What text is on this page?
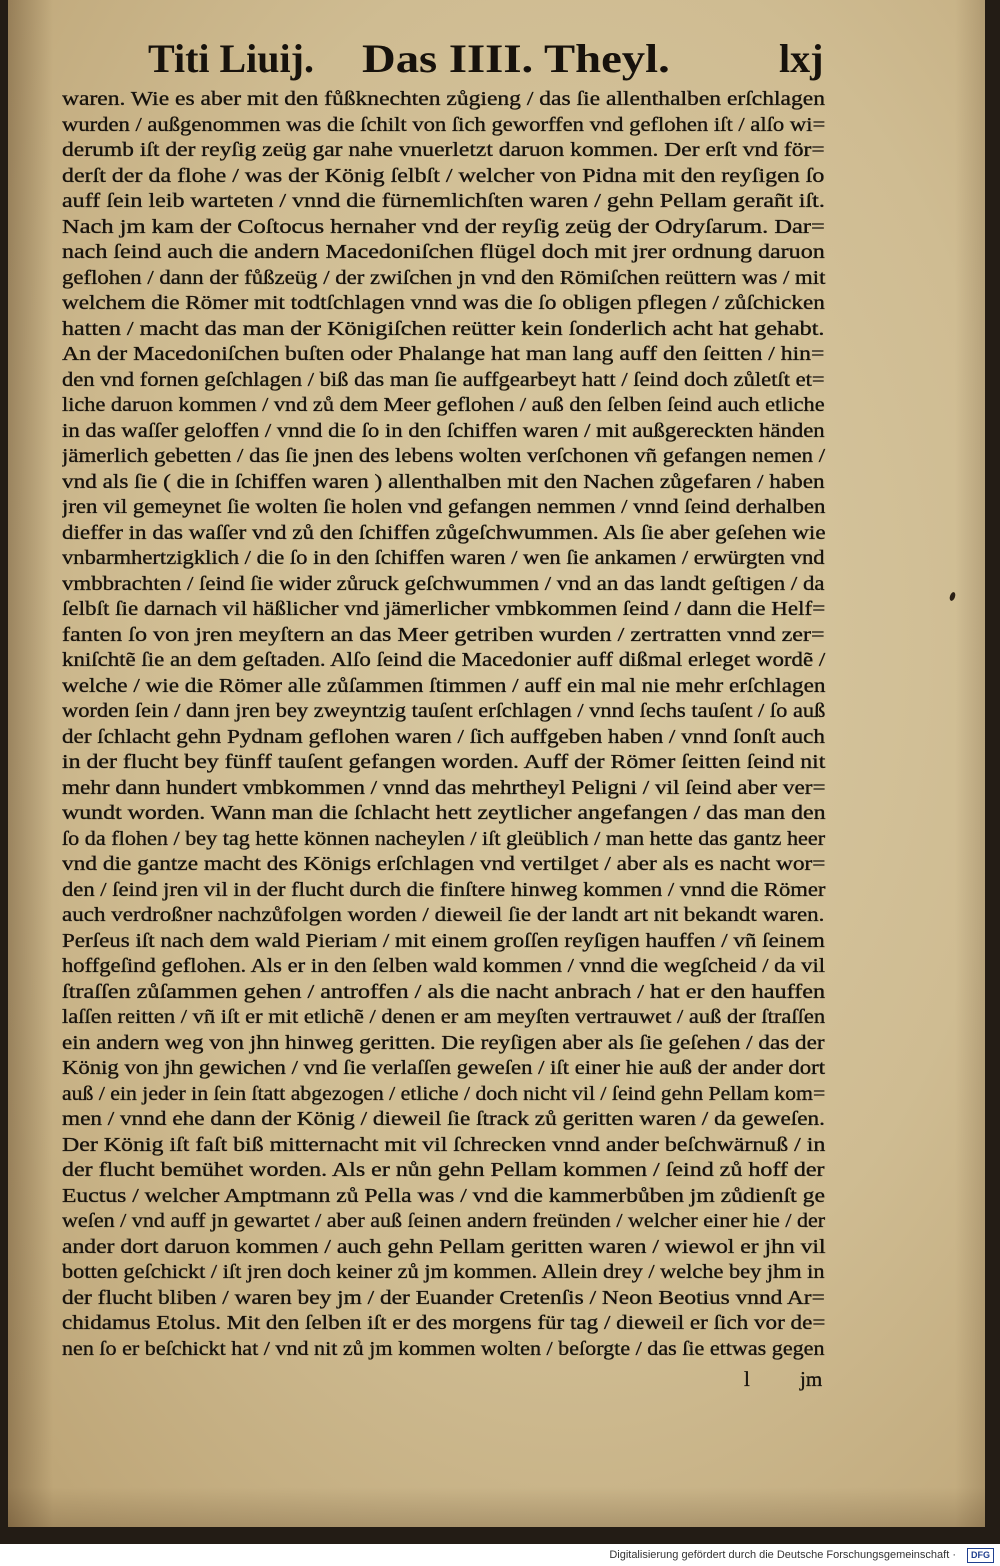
Titi Liuij. Das IIII. Theyl.	lxj
waren. Wie es aber mit den fůßknechten zůgieng / das ſie allenthalben erſchlagen
wurden / außgenommen was die ſchilt von ſich geworffen vnd geflohen iſt / alſo wi=
derumb iſt der reyſig zeüg gar nahe vnuerletzt daruon kommen. Der erſt vnd för=
derſt der da flohe / was der König ſelbſt / welcher von Pidna mit den reyſigen ſo
auff ſein leib warteten / vnnd die fürnemlichſten waren / gehn Pellam gerañt iſt.
Nach jm kam der Coſtocus hernaher vnd der reyſig zeüg der Odryſarum. Dar=
nach ſeind auch die andern Macedoniſchen flügel doch mit jrer ordnung daruon
geflohen / dann der fůßzeüg / der zwiſchen jn vnd den Römiſchen reüttern was / mit
welchem die Römer mit todtſchlagen vnnd was die ſo obligen pflegen / zůſchicken
hatten / macht das man der Königiſchen reütter kein ſonderlich acht hat gehabt.
An der Macedoniſchen buſten oder Phalange hat man lang auff den ſeitten / hin=
den vnd fornen geſchlagen / biß das man ſie auffgearbeyt hatt / ſeind doch zůletſt et=
liche daruon kommen / vnd zů dem Meer geflohen / auß den ſelben ſeind auch etliche
in das waſſer geloffen / vnnd die ſo in den ſchiffen waren / mit außgereckten händen
jämerlich gebetten / das ſie jnen des lebens wolten verſchonen vñ gefangen nemen /
vnd als ſie ( die in ſchiffen waren ) allenthalben mit den Nachen zůgefaren / haben
jren vil gemeynet ſie wolten ſie holen vnd gefangen nemmen / vnnd ſeind derhalben
dieffer in das waſſer vnd zů den ſchiffen zůgeſchwummen. Als ſie aber geſehen wie
vnbarmhertzigklich / die ſo in den ſchiffen waren / wen ſie ankamen / erwürgten vnd
vmbbrachten / ſeind ſie wider zůruck geſchwummen / vnd an das landt geſtigen / da
ſelbſt ſie darnach vil häßlicher vnd jämerlicher vmbkommen ſeind / dann die Helf=
fanten ſo von jren meyſtern an das Meer getriben wurden / zertratten vnnd zer=
kniſchtẽ ſie an dem geſtaden. Alſo ſeind die Macedonier auff dißmal erleget wordẽ /
welche / wie die Römer alle zůſammen ſtimmen / auff ein mal nie mehr erſchlagen
worden ſein / dann jren bey zweyntzig tauſent erſchlagen / vnnd ſechs tauſent / ſo auß
der ſchlacht gehn Pydnam geflohen waren / ſich auffgeben haben / vnnd ſonſt auch
in der flucht bey fünff tauſent gefangen worden. Auff der Römer ſeitten ſeind nit
mehr dann hundert vmbkommen / vnnd das mehrtheyl Peligni / vil ſeind aber ver=
wundt worden. Wann man die ſchlacht hett zeytlicher angefangen / das man den
ſo da flohen / bey tag hette können nacheylen / iſt gleüblich / man hette das gantz heer
vnd die gantze macht des Königs erſchlagen vnd vertilget / aber als es nacht wor=
den / ſeind jren vil in der flucht durch die finſtere hinweg kommen / vnnd die Römer
auch verdroßner nachzůfolgen worden / dieweil ſie der landt art nit bekandt waren.
Perſeus iſt nach dem wald Pieriam / mit einem groſſen reyſigen hauffen / vñ ſeinem
hoffgeſind geflohen. Als er in den ſelben wald kommen / vnnd die wegſcheid / da vil
ſtraſſen zůſammen gehen / antroffen / als die nacht anbrach / hat er den hauffen
laſſen reitten / vñ iſt er mit etlichẽ / denen er am meyſten vertrauwet / auß der ſtraſſen
ein andern weg von jhn hinweg geritten. Die reyſigen aber als ſie geſehen / das der
König von jhn gewichen / vnd ſie verlaſſen geweſen / iſt einer hie auß der ander dort
auß / ein jeder in ſein ſtatt abgezogen / etliche / doch nicht vil / ſeind gehn Pellam kom=
men / vnnd ehe dann der König / dieweil ſie ſtrack zů geritten waren / da geweſen.
Der König iſt faſt biß mitternacht mit vil ſchrecken vnnd ander beſchwärnuß / in
der flucht bemühet worden. Als er nůn gehn Pellam kommen / ſeind zů hoff der
Euctus / welcher Amptmann zů Pella was / vnd die kammerbůben jm zůdienſt ge
weſen / vnd auff jn gewartet / aber auß ſeinen andern freünden / welcher einer hie / der
ander dort daruon kommen / auch gehn Pellam geritten waren / wiewol er jhn vil
botten geſchickt / iſt jren doch keiner zů jm kommen. Allein drey / welche bey jhm in
der flucht bliben / waren bey jm / der Euander Cretenſis / Neon Beotius vnnd Ar=
chidamus Etolus. Mit den ſelben iſt er des morgens für tag / dieweil er ſich vor de=
nen ſo er beſchickt hat / vnd nit zů jm kommen wolten / beſorgte / das ſie ettwas gegen
l jm
Digitalisierung gefördert durch die Deutsche Forschungsgemeinschaft ·	DFG
